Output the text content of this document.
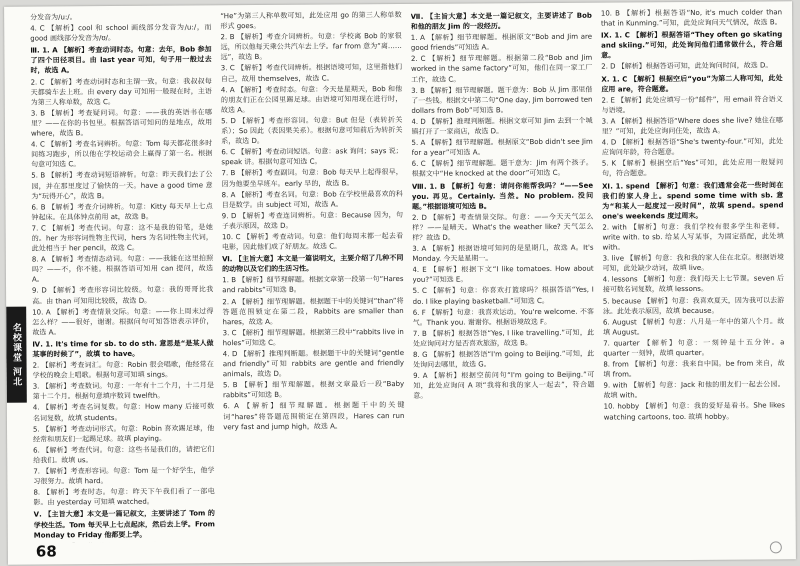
名校课堂 河北

分发音为/u:/。

4. C 【解析】cool 和 school 画线部分发音为/u:/，而 good 画线部分发音为/ʊ/。

Ⅲ. 1. A 【解析】考查动词时态。句意：去年，Bob 参加了四个田径项目。由 last year 可知，句子用一般过去时，故选 A。

2. C 【解析】考查动词时态和主谓一致。句意：我叔叔每天都骑车去上班。由 every day 可知用一般现在时，主语为第三人称单数，故选 C。

3. B 【解析】考查疑问词。句意：——我的英语书在哪里？——在你的书包里。根据答语可知问的是地点，故用 where，故选 B。

4. C 【解析】考查名词辨析。句意：Tom 每天都花很多时间练习跑步，所以他在学校运动会上赢得了第一名。根据句意可知选 C。

5. B 【解析】考查动词短语辨析。句意：昨天我们去了公园，并在那里度过了愉快的一天。have a good time 意为“玩得开心”，故选 B。

6. B 【解析】考查介词辨析。句意：Kitty 每天早上七点钟起床。在具体钟点前用 at，故选 B。

7. C 【解析】考查代词。句意：这不是我的铅笔，是她的。her 为形容词性物主代词，hers 为名词性物主代词，此处相当于 her pencil，故选 C。

8. A 【解析】考查情态动词。句意：——我能在这里拍照吗？——不，你不能。根据答语可知用 can 提问，故选 A。

9. D 【解析】考查形容词比较级。句意：我的哥哥比我高。由 than 可知用比较级，故选 D。

10. A 【解析】考查情景交际。句意：——你上周末过得怎么样？——很好，谢谢。根据问句可知答语表示评价，故选 A。

Ⅳ. 1. It's time for sb. to do sth. 意思是“是某人做某事的时候了”，故填 to have。

2. 【解析】考查词汇。句意：Robin 很会唱歌，他经常在学校的晚会上唱歌。根据句意可知填 sings。

3. 【解析】考查数词。句意：一年有十二个月，十二月是第十二个月。根据句意填序数词 twelfth。

4. 【解析】考查名词复数。句意：How many 后接可数名词复数，故填 students。

5. 【解析】考查动词形式。句意：Robin 喜欢踢足球，他经常和朋友们一起踢足球。故填 playing。

6. 【解析】考查代词。句意：这些书是我们的，请把它们给我们。故填 us。

7. 【解析】考查形容词。句意：Tom 是一个好学生，他学习很努力。故填 hard。

8. 【解析】考查时态。句意：昨天下午我们看了一部电影。由 yesterday 可知填 watched。

Ⅴ. 【主旨大意】本文是一篇记叙文，主要讲述了 Tom 的学校生活。Tom 每天早上七点起床，然后去上学。From Monday to Friday 他都要上学。

“He”为第三人称单数可知，此处应用 go 的第三人称单数形式 goes。

2. B 【解析】考查介词辨析。句意：学校离 Bob 的家很远，所以他每天乘公共汽车去上学。far from 意为“离……远”，故选 B。

3. C 【解析】考查代词辨析。根据语境可知，这里指他们自己，故用 themselves，故选 C。

4. A 【解析】考查时态。句意：今天是星期天，Bob 和他的朋友们正在公园里踢足球。由语境可知用现在进行时，故选 A。

5. D 【解析】考查形容词。句意：But 但是（表转折关系）；So 因此（表因果关系）。根据句意可知前后为转折关系，故选 D。

6. C 【解析】考查动词短语。句意：ask 询问；says 说；speak 讲。根据句意可知选 C。

7. B 【解析】考查副词。句意：Bob 每天早上起得很早，因为他要坐早班车。early 早的，故选 B。

8. A 【解析】考查名词。句意：Bob 在学校里最喜欢的科目是数学。由 subject 可知，故选 A。

9. D 【解析】考查连词辨析。句意：Because 因为，句子表示原因，故选 D。

10. C 【解析】考查动词。句意：他们每周末都一起去看电影，因此他们成了好朋友。故选 C。

Ⅵ. 【主旨大意】本文是一篇说明文，主要介绍了几种不同的动物以及它们的生活习性。

1. B 【解析】细节理解题。根据文章第一段第一句“Hares and rabbits”可知选 B。

2. A 【解析】细节理解题。根据题干中的关键词“than”将答题范围锁定在第二段，Rabbits are smaller than hares，故选 A。

3. C 【解析】细节理解题。根据第三段中“rabbits live in holes”可知选 C。

4. D 【解析】推理判断题。根据题干中的关键词“gentle and friendly”可知 rabbits are gentle and friendly animals，故选 D。

5. B 【解析】细节理解题。根据文章最后一段“Baby rabbits”可知选 B。

6. A 【解析】细节理解题。根据题干中的关键词“hares”将答题范围锁定在第四段，Hares can run very fast and jump high，故选 A。

Ⅶ. 【主旨大意】本文是一篇记叙文，主要讲述了 Bob 和他的朋友 Jim 的一段经历。

1. A 【解析】细节理解题。根据原文“Bob and Jim are good friends”可知选 A。

2. C 【解析】细节理解题。根据第二段“Bob and Jim worked in the same factory”可知，他们在同一家工厂工作，故选 C。

3. B 【解析】细节理解题。题干意为：Bob 从 Jim 那里借了一些钱。根据文中第二句“One day, Jim borrowed ten dollars from Bob”可知选 B。

4. D 【解析】推理判断题。根据文章可知 Jim 去到一个城镇打开了一家商店，故选 D。

5. A 【解析】细节理解题。根据原文“Bob didn't see Jim for a year”可知选 A。

6. C 【解析】细节理解题。题干意为：Jim 有两个孩子。根据文中“He knocked at the door”可知选 C。

Ⅷ. 1. B 【解析】句意：请问你能帮我吗？“——See you. 再见。Certainly. 当然。No problem. 没问题。”根据语境可知选 B。

2. D 【解析】考查情景交际。句意：——今天天气怎么样？——是晴天。What's the weather like? 天气怎么样？故选 D。

3. A 【解析】根据语境可知问的是星期几，故选 A。It's Monday. 今天是星期一。

4. E 【解析】根据下文“I like tomatoes. How about you?”可知选 E。

5. C 【解析】句意：你喜欢打篮球吗？根据答语“Yes, I do. I like playing basketball.”可知选 C。

6. F 【解析】句意：我喜欢运动。You're welcome. 不客气。Thank you. 谢谢你。根据语境故选 F。

7. B 【解析】根据答语“Yes, I like travelling.”可知，此处应询问对方是否喜欢旅游，故选 B。

8. G 【解析】根据答语“I'm going to Beijing.”可知，此处询问去哪里，故选 G。

9. A 【解析】根据空前问句“I'm going to Beijing.”可知，此处应询问 A 项“我将和我的家人一起去”，符合题意。

10. B 【解析】根据答语“No, it's much colder than that in Kunming.”可知，此处应询问天气情况，故选 B。

Ⅸ. 1. C 【解析】根据答语“They often go skating and skiing.”可知，此处询问他们通常做什么，符合题意。

2. D 【解析】根据答语可知，此处询问时间，故选 D。

Ⅹ. 1. C 【解析】根据空后“you”为第二人称可知，此处应用 are，符合题意。

2. E 【解析】此处应填写一份“邮件”，用 email 符合语义与语境。

3. A 【解析】根据答语“Where does she live? 她住在哪里？”可知，此处应询问住处，故选 A。

4. D 【解析】根据答语“She's twenty-four.”可知，此处应询问年龄，符合题意。

5. K 【解析】根据空后“Yes”可知，此处应用一般疑问句，符合题意。

Ⅺ. 1. spend 【解析】句意：我们通常会花一些时间在我们的家人身上。spend some time with sb. 意为“和某人一起度过一段时间”，故填 spend。spend one's weekends 度过周末。

2. with 【解析】句意：我们学校有很多学生和老师。write with. to sb. 给某人写某事，为固定搭配，此处填 with。

3. live 【解析】句意：我和我的家人住在北京。根据语境可知，此处缺少动词，故填 live。

4. lessons 【解析】句意：我们每天上七节课。seven 后接可数名词复数，故填 lessons。

5. because 【解析】句意：我喜欢夏天，因为我可以去游泳。此处表示原因，故填 because。

6. August 【解析】句意：八月是一年中的第八个月。故填 August。

7. quarter 【解析】句意：一刻钟是十五分钟。a quarter 一刻钟，故填 quarter。

8. from 【解析】句意：我来自中国。be from 来自，故填 from。

9. with 【解析】句意：Jack 和他的朋友们一起去公园。故填 with。

10. hobby 【解析】句意：我的爱好是看书。She likes watching cartoons, too. 故填 hobby。

68
